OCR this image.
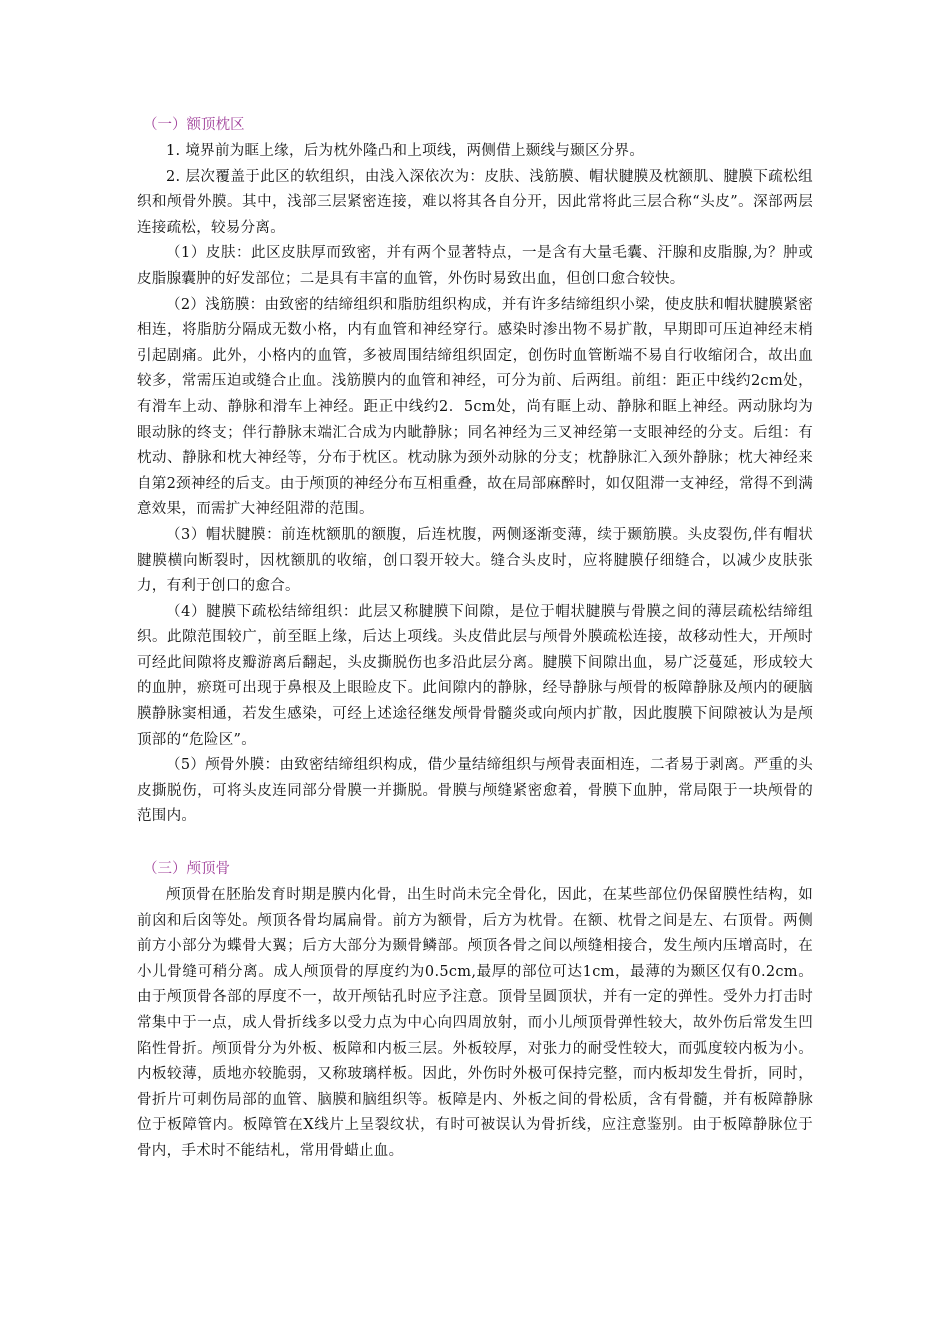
（一）额顶枕区

1. 境界前为眶上缘，后为枕外隆凸和上项线，两侧借上颞线与颞区分界。

2. 层次覆盖于此区的软组织，由浅入深依次为：皮肤、浅筋膜、帽状腱膜及枕额肌、腱膜下疏松组织和颅骨外膜。其中，浅部三层紧密连接，难以将其各自分开，因此常将此三层合称“头皮”。深部两层连接疏松，较易分离。

（1）皮肤：此区皮肤厚而致密，并有两个显著特点，一是含有大量毛囊、汗腺和皮脂腺,为？肿或皮脂腺囊肿的好发部位；二是具有丰富的血管，外伤时易致出血，但创口愈合较快。

（2）浅筋膜：由致密的结缔组织和脂肪组织构成，并有许多结缔组织小梁，使皮肤和帽状腱膜紧密相连，将脂肪分隔成无数小格，内有血管和神经穿行。感染时渗出物不易扩散，早期即可压迫神经末梢引起剧痛。此外，小格内的血管，多被周围结缔组织固定，创伤时血管断端不易自行收缩闭合，故出血较多，常需压迫或缝合止血。浅筋膜内的血管和神经，可分为前、后两组。前组：距正中线约2cm处，有滑车上动、静脉和滑车上神经。距正中线约2．5cm处，尚有眶上动、静脉和眶上神经。两动脉均为眼动脉的终支；伴行静脉末端汇合成为内眦静脉；同名神经为三叉神经第一支眼神经的分支。后组：有枕动、静脉和枕大神经等，分布于枕区。枕动脉为颈外动脉的分支；枕静脉汇入颈外静脉；枕大神经来自第2颈神经的后支。由于颅顶的神经分布互相重叠，故在局部麻醉时，如仅阻滞一支神经，常得不到满意效果，而需扩大神经阻滞的范围。

（3）帽状腱膜：前连枕额肌的额腹，后连枕腹，两侧逐渐变薄，续于颞筋膜。头皮裂伤,伴有帽状腱膜横向断裂时，因枕额肌的收缩，创口裂开较大。缝合头皮时，应将腱膜仔细缝合，以减少皮肤张力，有利于创口的愈合。

（4）腱膜下疏松结缔组织：此层又称腱膜下间隙，是位于帽状腱膜与骨膜之间的薄层疏松结缔组织。此隙范围较广，前至眶上缘，后达上项线。头皮借此层与颅骨外膜疏松连接，故移动性大，开颅时可经此间隙将皮瓣游离后翻起，头皮撕脱伤也多沿此层分离。腱膜下间隙出血，易广泛蔓延，形成较大的血肿，瘀斑可出现于鼻根及上眼睑皮下。此间隙内的静脉，经导静脉与颅骨的板障静脉及颅内的硬脑膜静脉窦相通，若发生感染，可经上述途径继发颅骨骨髓炎或向颅内扩散，因此腹膜下间隙被认为是颅顶部的“危险区”。

（5）颅骨外膜：由致密结缔组织构成，借少量结缔组织与颅骨表面相连，二者易于剥离。严重的头皮撕脱伤，可将头皮连同部分骨膜一并撕脱。骨膜与颅缝紧密愈着，骨膜下血肿，常局限于一块颅骨的范围内。

（三）颅顶骨

颅顶骨在胚胎发育时期是膜内化骨，出生时尚未完全骨化，因此，在某些部位仍保留膜性结构，如前囟和后囟等处。颅顶各骨均属扁骨。前方为额骨，后方为枕骨。在额、枕骨之间是左、右顶骨。两侧前方小部分为蝶骨大翼；后方大部分为颞骨鳞部。颅顶各骨之间以颅缝相接合，发生颅内压增高时，在小儿骨缝可稍分离。成人颅顶骨的厚度约为0.5cm,最厚的部位可达1cm，最薄的为颞区仅有0.2cm。由于颅顶骨各部的厚度不一，故开颅钻孔时应予注意。顶骨呈圆顶状，并有一定的弹性。受外力打击时常集中于一点，成人骨折线多以受力点为中心向四周放射，而小儿颅顶骨弹性较大，故外伤后常发生凹陷性骨折。颅顶骨分为外板、板障和内板三层。外板较厚，对张力的耐受性较大，而弧度较内板为小。内板较薄，质地亦较脆弱，又称玻璃样板。因此，外伤时外极可保持完整，而内板却发生骨折，同时，骨折片可刺伤局部的血管、脑膜和脑组织等。板障是内、外板之间的骨松质，含有骨髓，并有板障静脉位于板障管内。板障管在X线片上呈裂纹状，有时可被误认为骨折线，应注意鉴别。由于板障静脉位于骨内，手术时不能结札，常用骨蜡止血。
